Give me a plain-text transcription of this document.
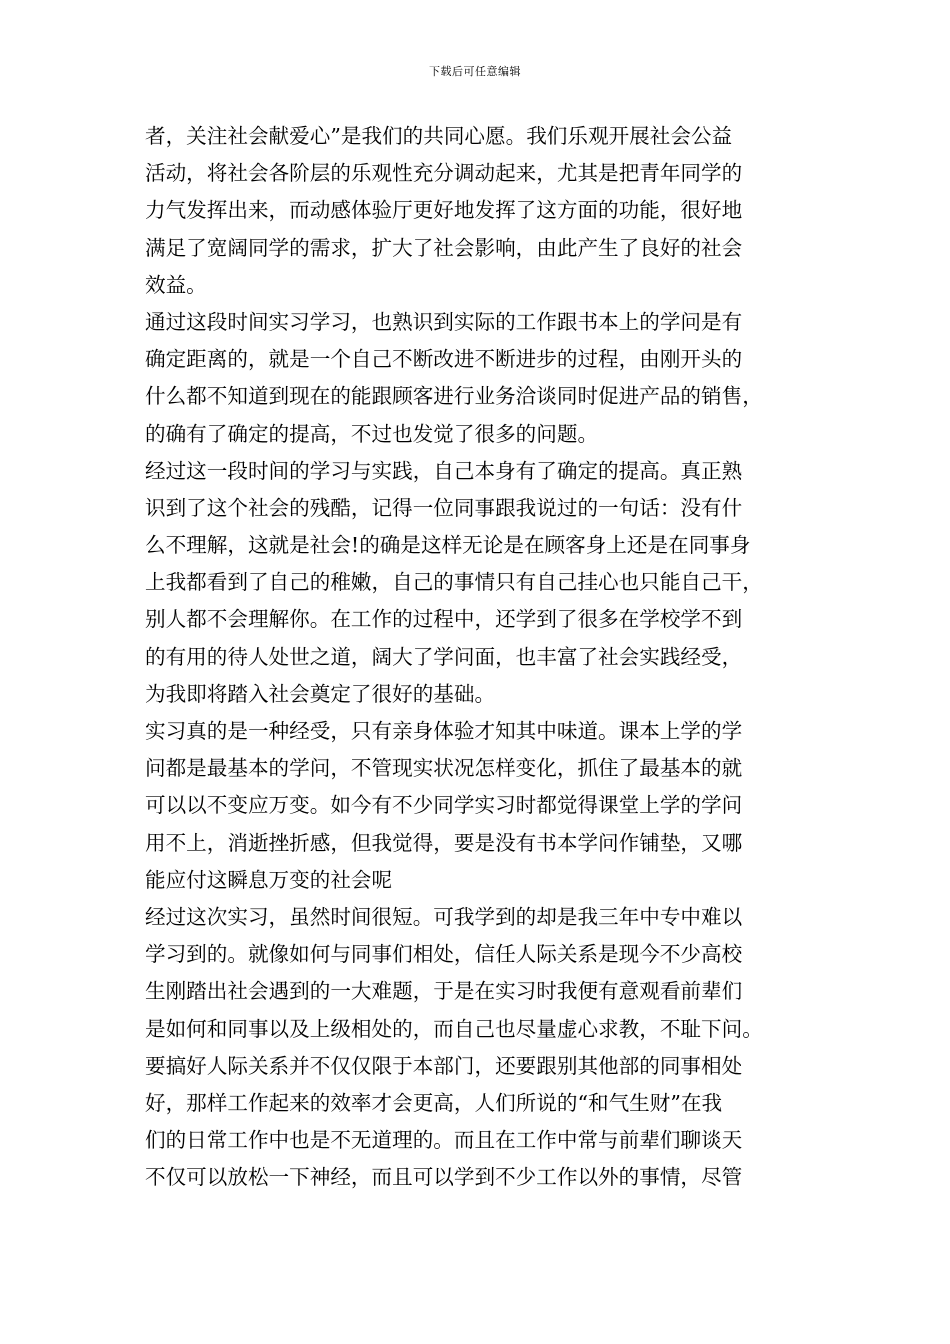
下载后可任意编辑
者，关注社会献爱心”是我们的共同心愿。我们乐观开展社会公益
活动，将社会各阶层的乐观性充分调动起来，尤其是把青年同学的
力气发挥出来，而动感体验厅更好地发挥了这方面的功能，很好地
满足了宽阔同学的需求，扩大了社会影响，由此产生了良好的社会
效益。
通过这段时间实习学习，也熟识到实际的工作跟书本上的学问是有
确定距离的，就是一个自己不断改进不断进步的过程，由刚开头的
什么都不知道到现在的能跟顾客进行业务洽谈同时促进产品的销售，
的确有了确定的提高，不过也发觉了很多的问题。
经过这一段时间的学习与实践，自己本身有了确定的提高。真正熟
识到了这个社会的残酷，记得一位同事跟我说过的一句话：没有什
么不理解，这就是社会!的确是这样无论是在顾客身上还是在同事身
上我都看到了自己的稚嫩，自己的事情只有自己挂心也只能自己干，
别人都不会理解你。在工作的过程中，还学到了很多在学校学不到
的有用的待人处世之道，阔大了学问面，也丰富了社会实践经受，
为我即将踏入社会奠定了很好的基础。
实习真的是一种经受，只有亲身体验才知其中味道。课本上学的学
问都是最基本的学问，不管现实状况怎样变化，抓住了最基本的就
可以以不变应万变。如今有不少同学实习时都觉得课堂上学的学问
用不上，消逝挫折感，但我觉得，要是没有书本学问作铺垫，又哪
能应付这瞬息万变的社会呢
经过这次实习，虽然时间很短。可我学到的却是我三年中专中难以
学习到的。就像如何与同事们相处，信任人际关系是现今不少高校
生刚踏出社会遇到的一大难题，于是在实习时我便有意观看前辈们
是如何和同事以及上级相处的，而自己也尽量虚心求教，不耻下问。
要搞好人际关系并不仅仅限于本部门，还要跟别其他部的同事相处
好，那样工作起来的效率才会更高，人们所说的“和气生财”在我
们的日常工作中也是不无道理的。而且在工作中常与前辈们聊谈天
不仅可以放松一下神经，而且可以学到不少工作以外的事情，尽管
